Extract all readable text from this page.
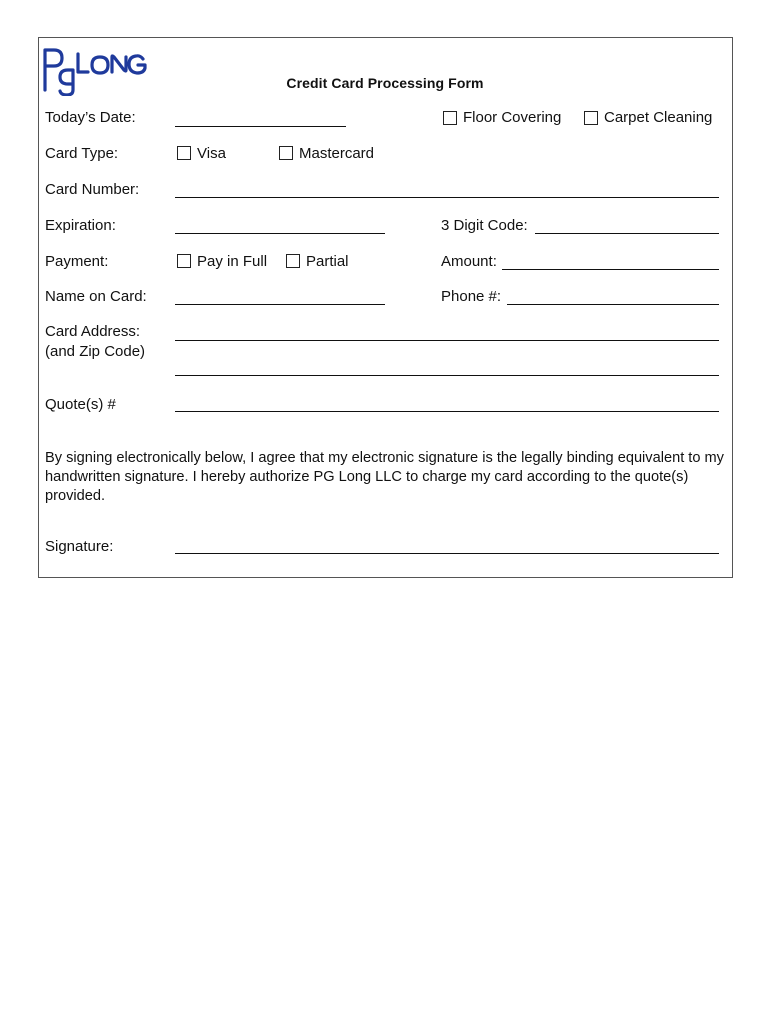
Credit Card Processing Form
Today’s Date:	Floor Covering	Carpet Cleaning
Card Type:	Visa	Mastercard
Card Number:
Expiration:	3 Digit Code:
Payment:	Pay in Full	Partial	Amount:
Name on Card:	Phone #:
Card Address:
(and Zip Code)
Quote(s) #
By signing electronically below, I agree that my electronic signature is the legally binding equivalent to my handwritten signature. I hereby authorize PG Long LLC to charge my card according to the quote(s) provided.
Signature:
